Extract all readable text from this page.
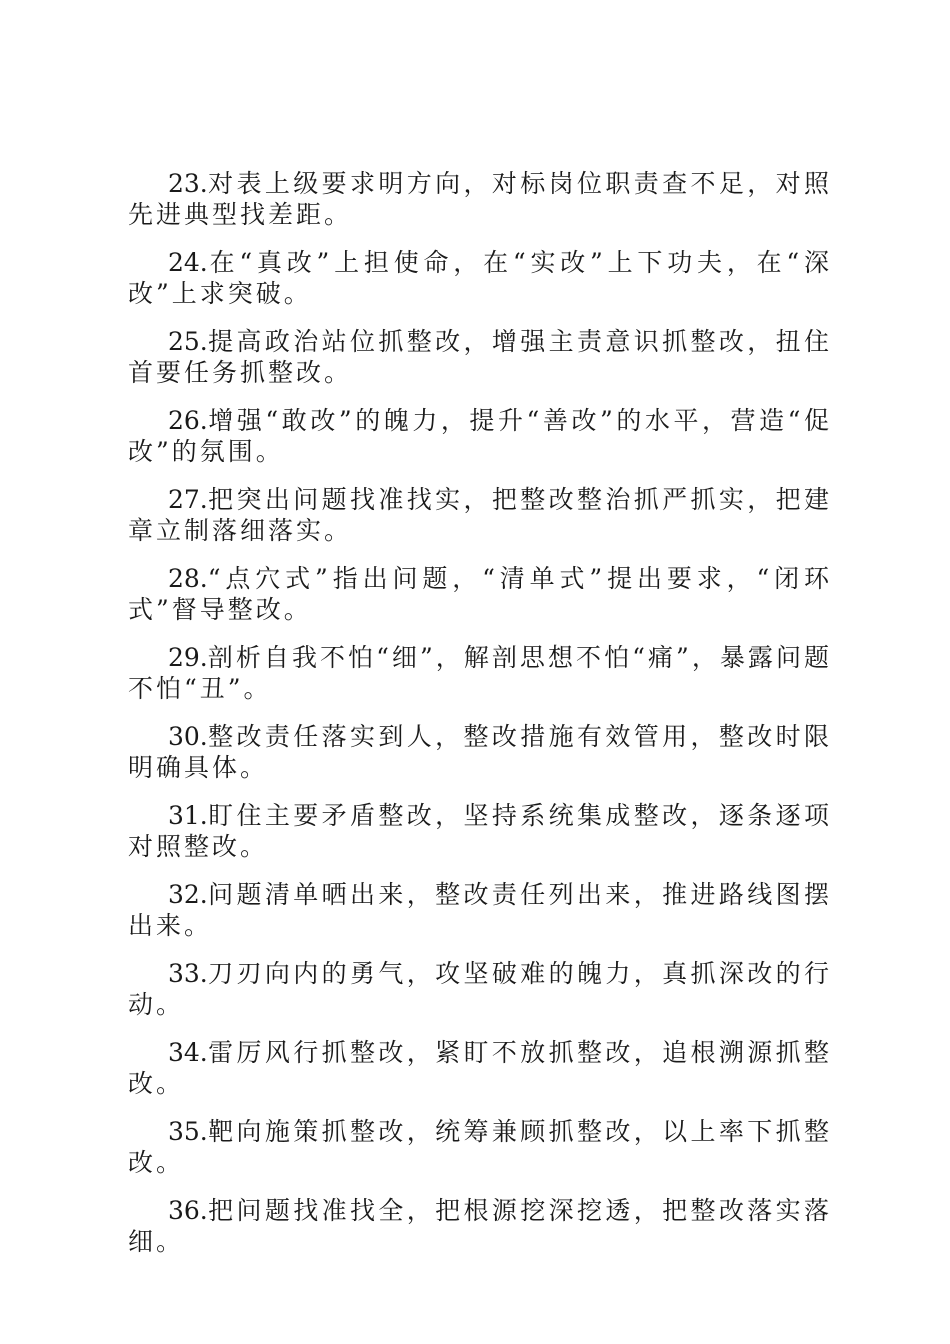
23.对表上级要求明方向，对标岗位职责查不足，对照先进典型找差距。

24.在“真改”上担使命，在“实改”上下功夫，在“深改”上求突破。

25.提高政治站位抓整改，增强主责意识抓整改，扭住首要任务抓整改。

26.增强“敢改”的魄力，提升“善改”的水平，营造“促改”的氛围。

27.把突出问题找准找实，把整改整治抓严抓实，把建章立制落细落实。

28.“点穴式”指出问题，“清单式”提出要求，“闭环式”督导整改。

29.剖析自我不怕“细”，解剖思想不怕“痛”，暴露问题不怕“丑”。

30.整改责任落实到人，整改措施有效管用，整改时限明确具体。

31.盯住主要矛盾整改，坚持系统集成整改，逐条逐项对照整改。

32.问题清单晒出来，整改责任列出来，推进路线图摆出来。

33.刀刃向内的勇气，攻坚破难的魄力，真抓深改的行动。

34.雷厉风行抓整改，紧盯不放抓整改，追根溯源抓整改。

35.靶向施策抓整改，统筹兼顾抓整改，以上率下抓整改。

36.把问题找准找全，把根源挖深挖透，把整改落实落细。
